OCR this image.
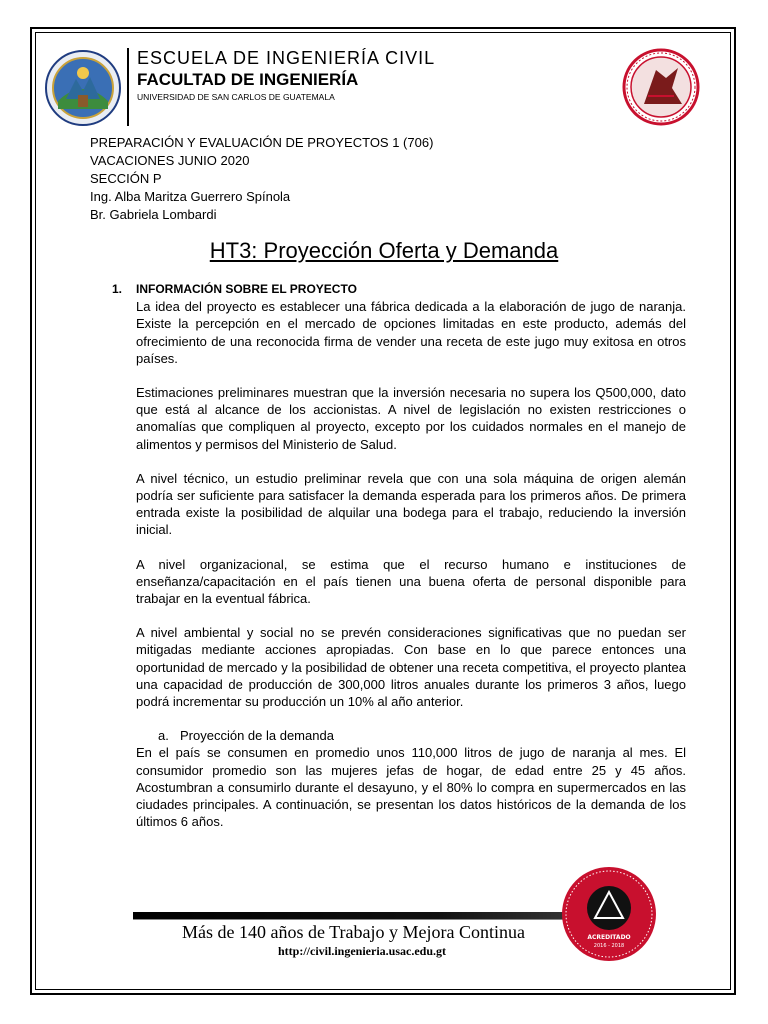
ESCUELA DE INGENIERÍA CIVIL
FACULTAD DE INGENIERÍA
UNIVERSIDAD DE SAN CARLOS DE GUATEMALA
PREPARACIÓN Y EVALUACIÓN DE PROYECTOS 1 (706)
VACACIONES JUNIO 2020
SECCIÓN P
Ing. Alba Maritza Guerrero Spínola
Br. Gabriela Lombardi
HT3: Proyección Oferta y Demanda
1. INFORMACIÓN SOBRE EL PROYECTO

La idea del proyecto es establecer una fábrica dedicada a la elaboración de jugo de naranja. Existe la percepción en el mercado de opciones limitadas en este producto, además del ofrecimiento de una reconocida firma de vender una receta de este jugo muy exitosa en otros países.

Estimaciones preliminares muestran que la inversión necesaria no supera los Q500,000, dato que está al alcance de los accionistas. A nivel de legislación no existen restricciones o anomalías que compliquen al proyecto, excepto por los cuidados normales en el manejo de alimentos y permisos del Ministerio de Salud.

A nivel técnico, un estudio preliminar revela que con una sola máquina de origen alemán podría ser suficiente para satisfacer la demanda esperada para los primeros años. De primera entrada existe la posibilidad de alquilar una bodega para el trabajo, reduciendo la inversión inicial.

A nivel organizacional, se estima que el recurso humano e instituciones de enseñanza/capacitación en el país tienen una buena oferta de personal disponible para trabajar en la eventual fábrica.

A nivel ambiental y social no se prevén consideraciones significativas que no puedan ser mitigadas mediante acciones apropiadas. Con base en lo que parece entonces una oportunidad de mercado y la posibilidad de obtener una receta competitiva, el proyecto plantea una capacidad de producción de 300,000 litros anuales durante los primeros 3 años, luego podrá incrementar su producción un 10% al año anterior.

a. Proyección de la demanda

En el país se consumen en promedio unos 110,000 litros de jugo de naranja al mes. El consumidor promedio son las mujeres jefas de hogar, de edad entre 25 y 45 años. Acostumbran a consumirlo durante el desayuno, y el 80% lo compra en supermercados en las ciudades principales. A continuación, se presentan los datos históricos de la demanda de los últimos 6 años.

Más de 140 años de Trabajo y Mejora Continua
http://civil.ingenieria.usac.edu.gt
ACREDITADO
2016 - 2018
